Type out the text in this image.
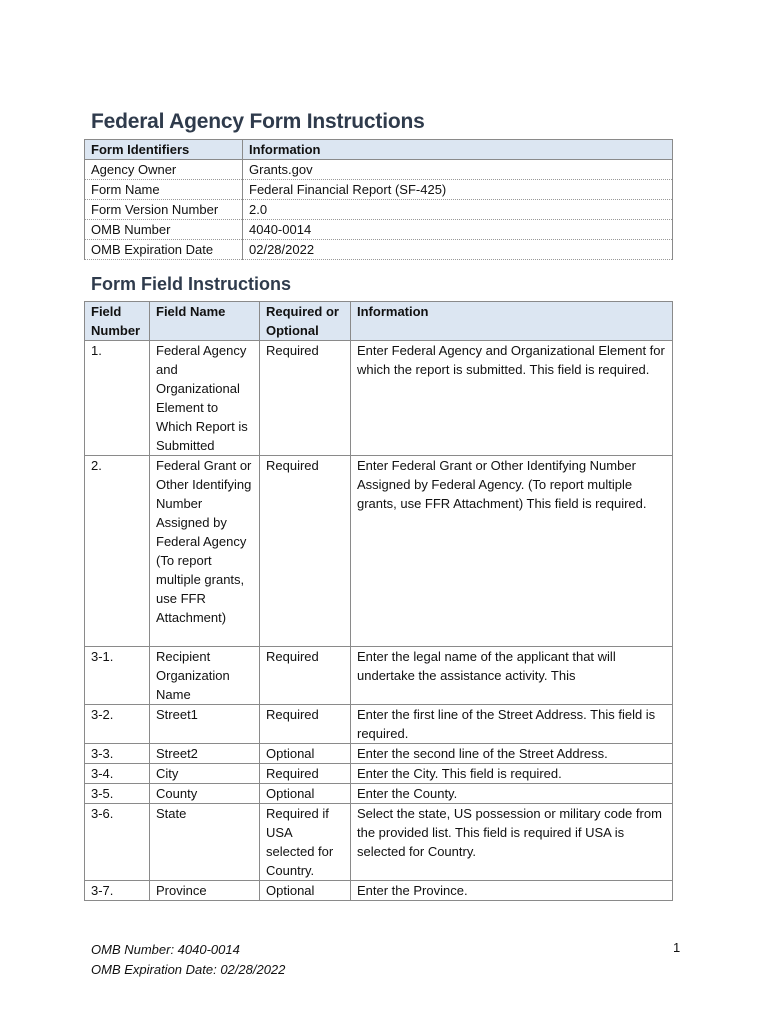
Federal Agency Form Instructions
Form Identifiers	Information
Agency Owner	Grants.gov
Form Name	Federal Financial Report (SF-425)
Form Version Number	2.0
OMB Number	4040-0014
OMB Expiration Date	02/28/2022
Form Field Instructions
Field Number	Field Name	Required or Optional	Information
1.	Federal Agency and Organizational Element to Which Report is Submitted	Required	Enter Federal Agency and Organizational Element for which the report is submitted. This field is required.
2.	Federal Grant or Other Identifying Number Assigned by Federal Agency (To report multiple grants, use FFR Attachment)	Required	Enter Federal Grant or Other Identifying Number Assigned by Federal Agency. (To report multiple grants, use FFR Attachment) This field is required.
3-1.	Recipient Organization Name	Required	Enter the legal name of the applicant that will undertake the assistance activity. This
3-2.	Street1	Required	Enter the first line of the Street Address. This field is required.
3-3.	Street2	Optional	Enter the second line of the Street Address.
3-4.	City	Required	Enter the City. This field is required.
3-5.	County	Optional	Enter the County.
3-6.	State	Required if USA selected for Country.	Select the state, US possession or military code from the provided list. This field is required if USA is selected for Country.
3-7.	Province	Optional	Enter the Province.
OMB Number: 4040-0014
OMB Expiration Date: 02/28/2022
1
